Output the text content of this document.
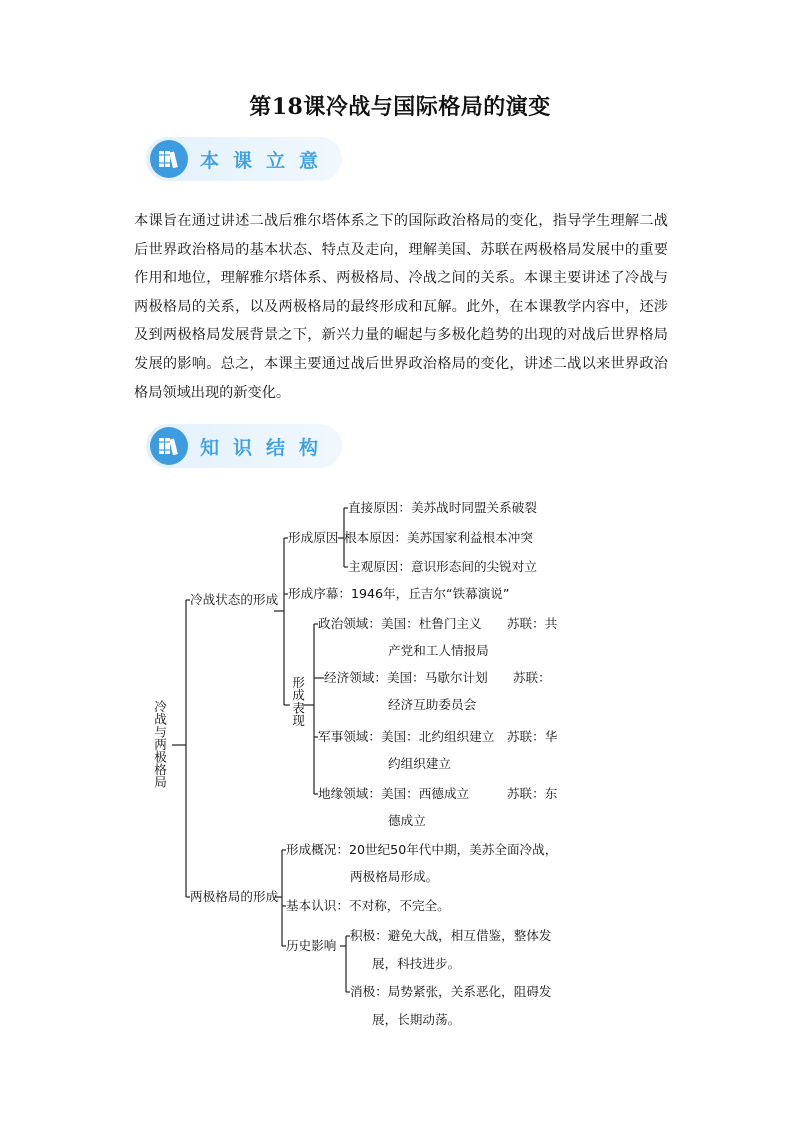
第18课冷战与国际格局的演变
本课立意

本课旨在通过讲述二战后雅尔塔体系之下的国际政治格局的变化，指导学生理解二战后世界政治格局的基本状态、特点及走向，理解美国、苏联在两极格局发展中的重要作用和地位，理解雅尔塔体系、两极格局、冷战之间的关系。本课主要讲述了冷战与两极格局的关系，以及两极格局的最终形成和瓦解。此外，在本课教学内容中，还涉及到两极格局发展背景之下，新兴力量的崛起与多极化趋势的出现的对战后世界格局发展的影响。总之，本课主要通过战后世界政治格局的变化，讲述二战以来世界政治格局领域出现的新变化。

知识结构
冷战与两极格局
冷战状态的形成
形成原因
直接原因：美苏战时同盟关系破裂
根本原因：美苏国家利益根本冲突
主观原因：意识形态间的尖锐对立
形成序幕：1946年，丘吉尔“铁幕演说”
形成表现
政治领域：美国：杜鲁门主义　　苏联：共
产党和工人情报局
经济领域：美国：马歇尔计划　　苏联：
经济互助委员会
军事领域：美国：北约组织建立　苏联：华
约组织建立
地缘领域：美国：西德成立　　　苏联：东
德成立
两极格局的形成
形成概况：20世纪50年代中期，美苏全面冷战，
两极格局形成。
基本认识：不对称，不完全。
历史影响
积极：避免大战，相互借鉴，整体发
展，科技进步。
消极：局势紧张，关系恶化，阻碍发
展，长期动荡。
